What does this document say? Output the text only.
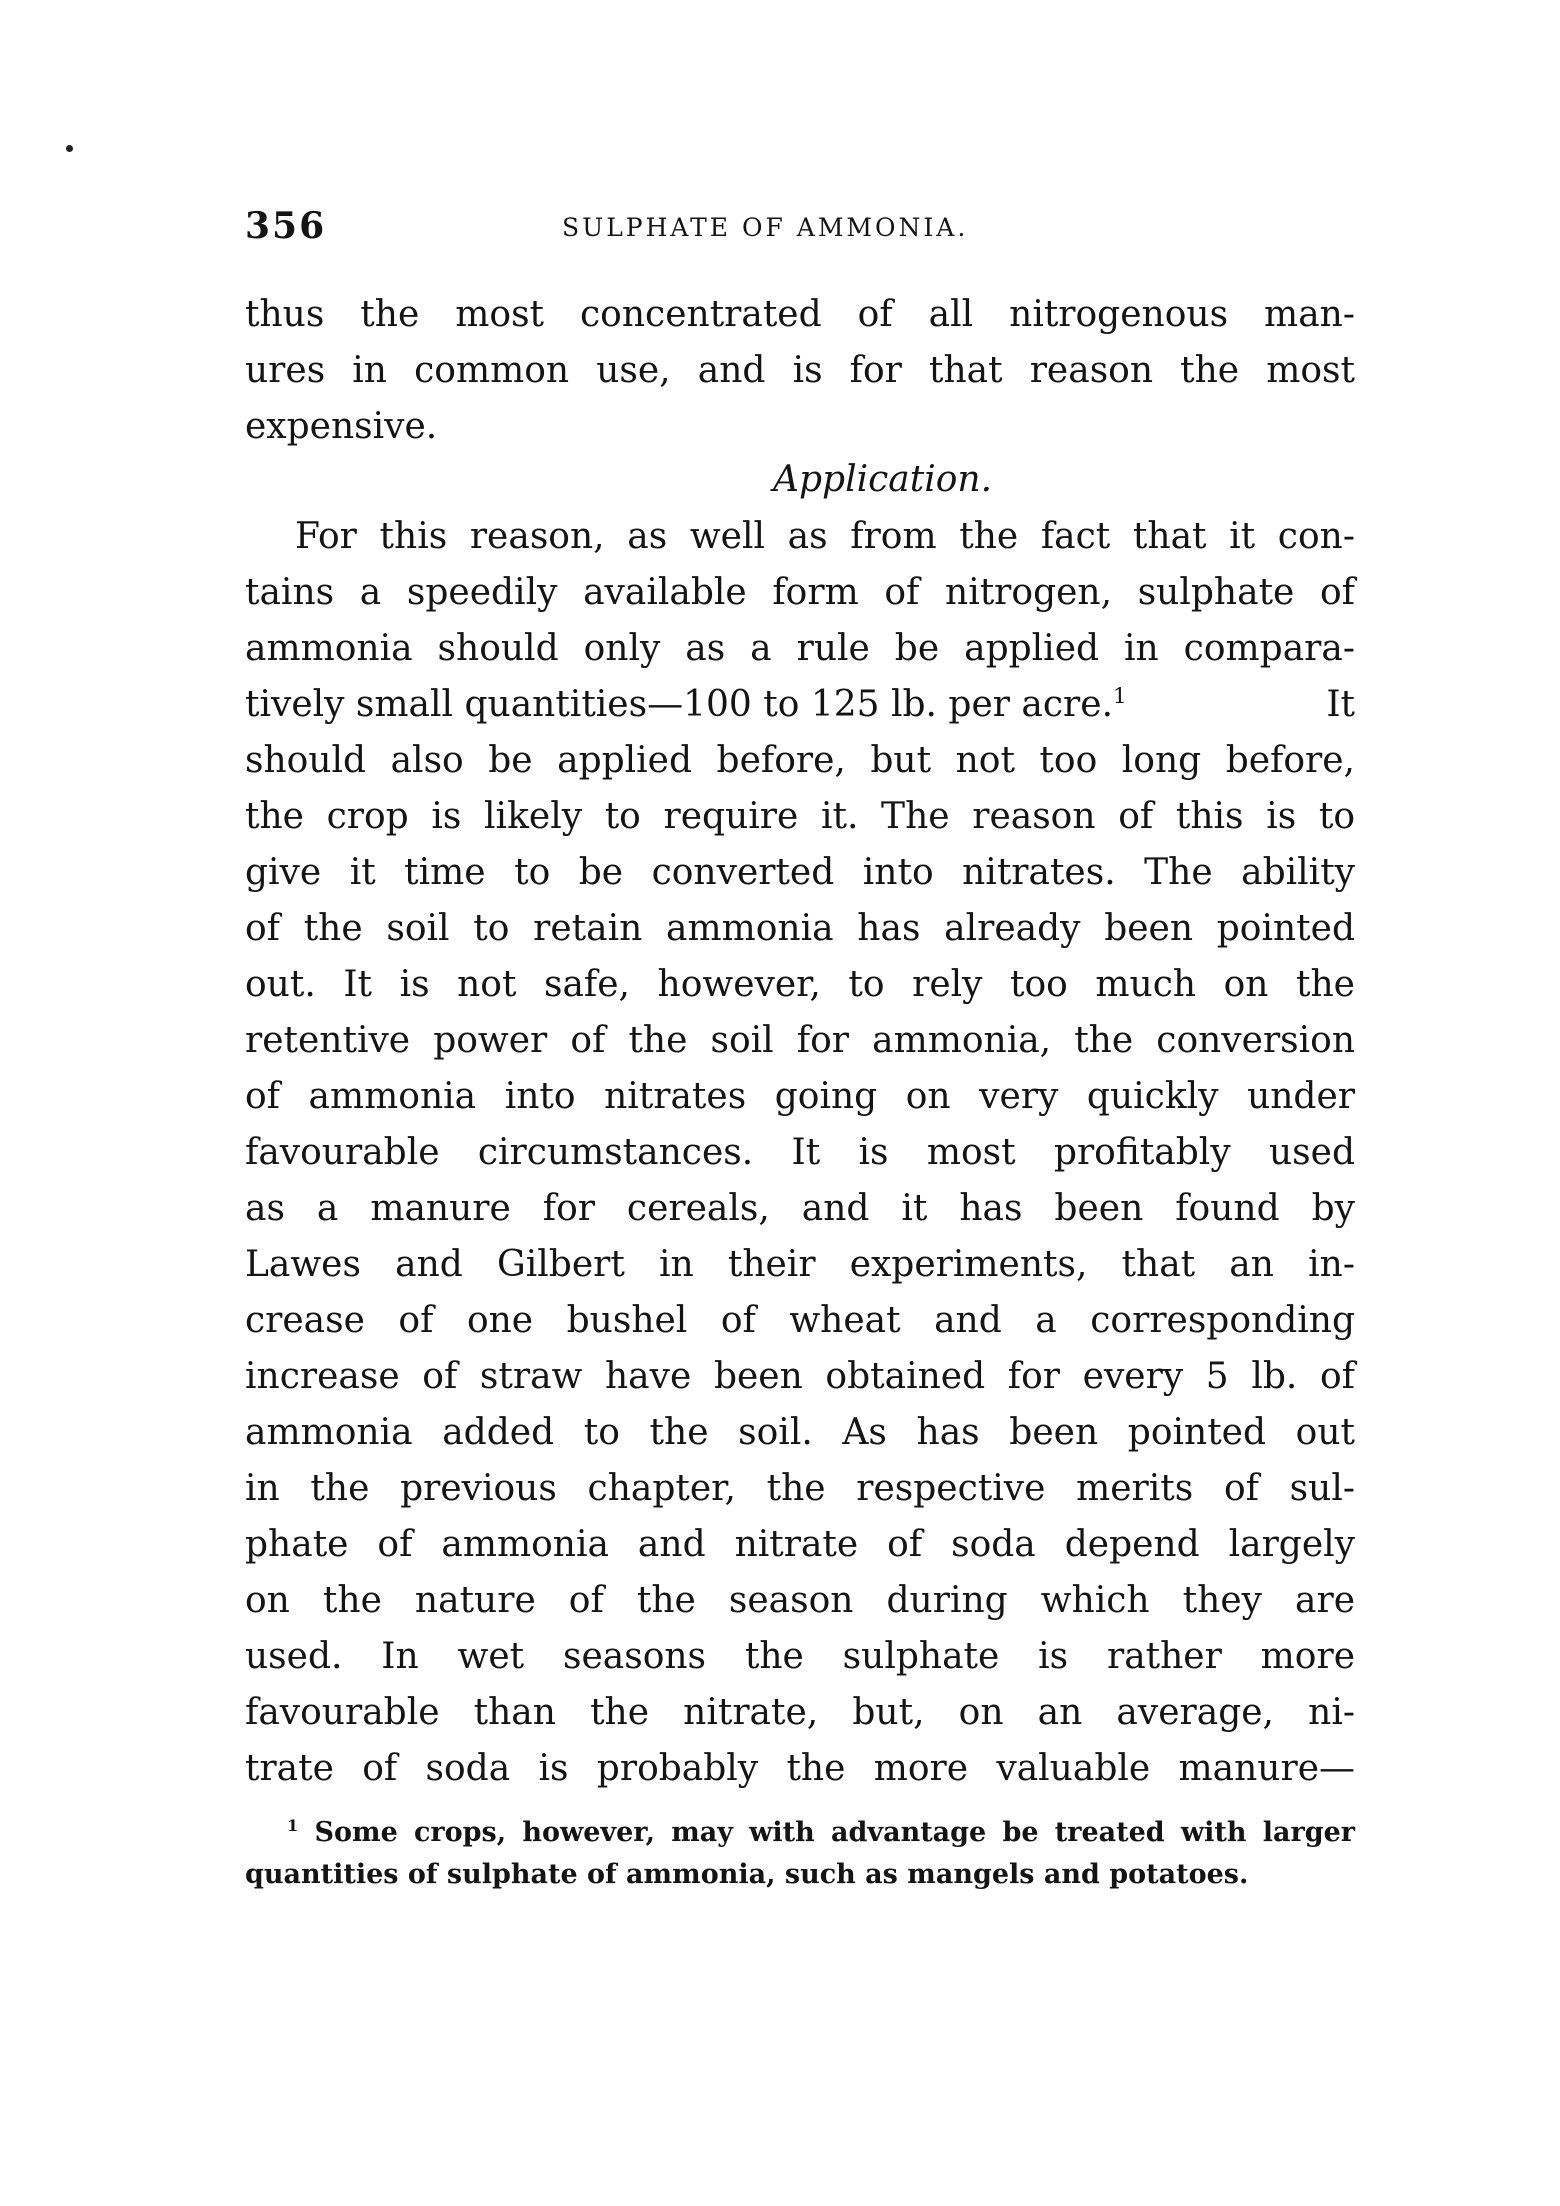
356	SULPHATE OF AMMONIA.
thus the most concentrated of all nitrogenous man-
ures in common use, and is for that reason the most
expensive.
Application.
For this reason, as well as from the fact that it con-
tains a speedily available form of nitrogen, sulphate of
ammonia should only as a rule be applied in compara-
tively small quantities—100 to 125 lb. per acre.$^1$	It
should also be applied before, but not too long before,
the crop is likely to require it. The reason of this is to
give it time to be converted into nitrates. The ability
of the soil to retain ammonia has already been pointed
out. It is not safe, however, to rely too much on the
retentive power of the soil for ammonia, the conversion
of ammonia into nitrates going on very quickly under
favourable circumstances. It is most profitably used
as a manure for cereals, and it has been found by
Lawes and Gilbert in their experiments, that an in-
crease of one bushel of wheat and a corresponding
increase of straw have been obtained for every 5 lb. of
ammonia added to the soil. As has been pointed out
in the previous chapter, the respective merits of sul-
phate of ammonia and nitrate of soda depend largely
on the nature of the season during which they are
used. In wet seasons the sulphate is rather more
favourable than the nitrate, but, on an average, ni-
trate of soda is probably the more valuable manure—
$^1$ Some crops, however, may with advantage be treated with larger
quantities of sulphate of ammonia, such as mangels and potatoes.
